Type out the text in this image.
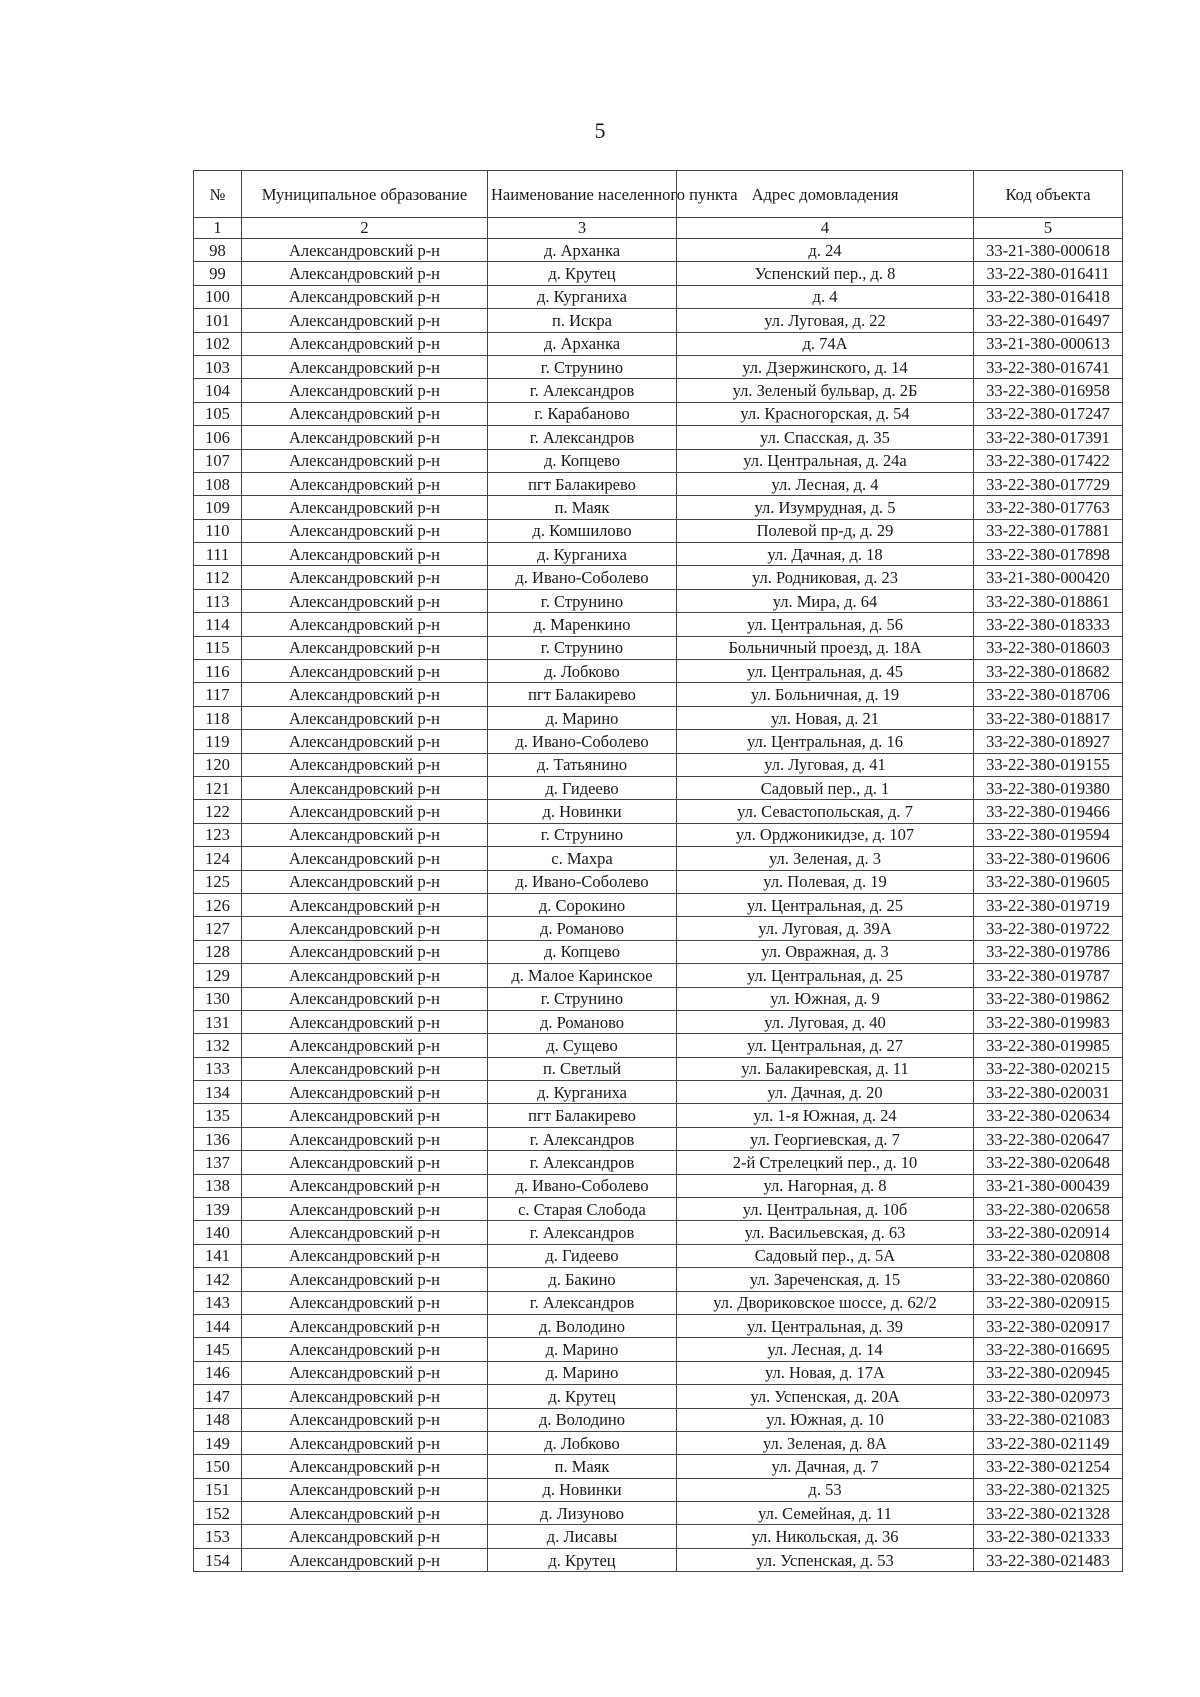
5
№	Муниципальное образование	Наименование населенного пункта	Адрес домовладения	Код объекта
1	2	3	4	5
98	Александровский р-н	д. Арханка	д. 24	33-21-380-000618
99	Александровский р-н	д. Крутец	Успенский пер., д. 8	33-22-380-016411
100	Александровский р-н	д. Курганиха	д. 4	33-22-380-016418
101	Александровский р-н	п. Искра	ул. Луговая, д. 22	33-22-380-016497
102	Александровский р-н	д. Арханка	д. 74А	33-21-380-000613
103	Александровский р-н	г. Струнино	ул. Дзержинского, д. 14	33-22-380-016741
104	Александровский р-н	г. Александров	ул. Зеленый бульвар, д. 2Б	33-22-380-016958
105	Александровский р-н	г. Карабаново	ул. Красногорская, д. 54	33-22-380-017247
106	Александровский р-н	г. Александров	ул. Спасская, д. 35	33-22-380-017391
107	Александровский р-н	д. Копцево	ул. Центральная, д. 24а	33-22-380-017422
108	Александровский р-н	пгт Балакирево	ул. Лесная, д. 4	33-22-380-017729
109	Александровский р-н	п. Маяк	ул. Изумрудная, д. 5	33-22-380-017763
110	Александровский р-н	д. Комшилово	Полевой пр-д, д. 29	33-22-380-017881
111	Александровский р-н	д. Курганиха	ул. Дачная, д. 18	33-22-380-017898
112	Александровский р-н	д. Ивано-Соболево	ул. Родниковая, д. 23	33-21-380-000420
113	Александровский р-н	г. Струнино	ул. Мира, д. 64	33-22-380-018861
114	Александровский р-н	д. Маренкино	ул. Центральная, д. 56	33-22-380-018333
115	Александровский р-н	г. Струнино	Больничный проезд, д. 18А	33-22-380-018603
116	Александровский р-н	д. Лобково	ул. Центральная, д. 45	33-22-380-018682
117	Александровский р-н	пгт Балакирево	ул. Больничная, д. 19	33-22-380-018706
118	Александровский р-н	д. Марино	ул. Новая, д. 21	33-22-380-018817
119	Александровский р-н	д. Ивано-Соболево	ул. Центральная, д. 16	33-22-380-018927
120	Александровский р-н	д. Татьянино	ул. Луговая, д. 41	33-22-380-019155
121	Александровский р-н	д. Гидеево	Садовый пер., д. 1	33-22-380-019380
122	Александровский р-н	д. Новинки	ул. Севастопольская, д. 7	33-22-380-019466
123	Александровский р-н	г. Струнино	ул. Орджоникидзе, д. 107	33-22-380-019594
124	Александровский р-н	с. Махра	ул. Зеленая, д. 3	33-22-380-019606
125	Александровский р-н	д. Ивано-Соболево	ул. Полевая, д. 19	33-22-380-019605
126	Александровский р-н	д. Сорокино	ул. Центральная, д. 25	33-22-380-019719
127	Александровский р-н	д. Романово	ул. Луговая, д. 39А	33-22-380-019722
128	Александровский р-н	д. Копцево	ул. Овражная, д. 3	33-22-380-019786
129	Александровский р-н	д. Малое Каринское	ул. Центральная, д. 25	33-22-380-019787
130	Александровский р-н	г. Струнино	ул. Южная, д. 9	33-22-380-019862
131	Александровский р-н	д. Романово	ул. Луговая, д. 40	33-22-380-019983
132	Александровский р-н	д. Сущево	ул. Центральная, д. 27	33-22-380-019985
133	Александровский р-н	п. Светлый	ул. Балакиревская, д. 11	33-22-380-020215
134	Александровский р-н	д. Курганиха	ул. Дачная, д. 20	33-22-380-020031
135	Александровский р-н	пгт Балакирево	ул. 1-я Южная, д. 24	33-22-380-020634
136	Александровский р-н	г. Александров	ул. Георгиевская, д. 7	33-22-380-020647
137	Александровский р-н	г. Александров	2-й Стрелецкий пер., д. 10	33-22-380-020648
138	Александровский р-н	д. Ивано-Соболево	ул. Нагорная, д. 8	33-21-380-000439
139	Александровский р-н	с. Старая Слобода	ул. Центральная, д. 10б	33-22-380-020658
140	Александровский р-н	г. Александров	ул. Васильевская, д. 63	33-22-380-020914
141	Александровский р-н	д. Гидеево	Садовый пер., д. 5А	33-22-380-020808
142	Александровский р-н	д. Бакино	ул. Зареченская, д. 15	33-22-380-020860
143	Александровский р-н	г. Александров	ул. Двориковское шоссе, д. 62/2	33-22-380-020915
144	Александровский р-н	д. Володино	ул. Центральная, д. 39	33-22-380-020917
145	Александровский р-н	д. Марино	ул. Лесная, д. 14	33-22-380-016695
146	Александровский р-н	д. Марино	ул. Новая, д. 17А	33-22-380-020945
147	Александровский р-н	д. Крутец	ул. Успенская, д. 20А	33-22-380-020973
148	Александровский р-н	д. Володино	ул. Южная, д. 10	33-22-380-021083
149	Александровский р-н	д. Лобково	ул. Зеленая, д. 8А	33-22-380-021149
150	Александровский р-н	п. Маяк	ул. Дачная, д. 7	33-22-380-021254
151	Александровский р-н	д. Новинки	д. 53	33-22-380-021325
152	Александровский р-н	д. Лизуново	ул. Семейная, д. 11	33-22-380-021328
153	Александровский р-н	д. Лисавы	ул. Никольская, д. 36	33-22-380-021333
154	Александровский р-н	д. Крутец	ул. Успенская, д. 53	33-22-380-021483
